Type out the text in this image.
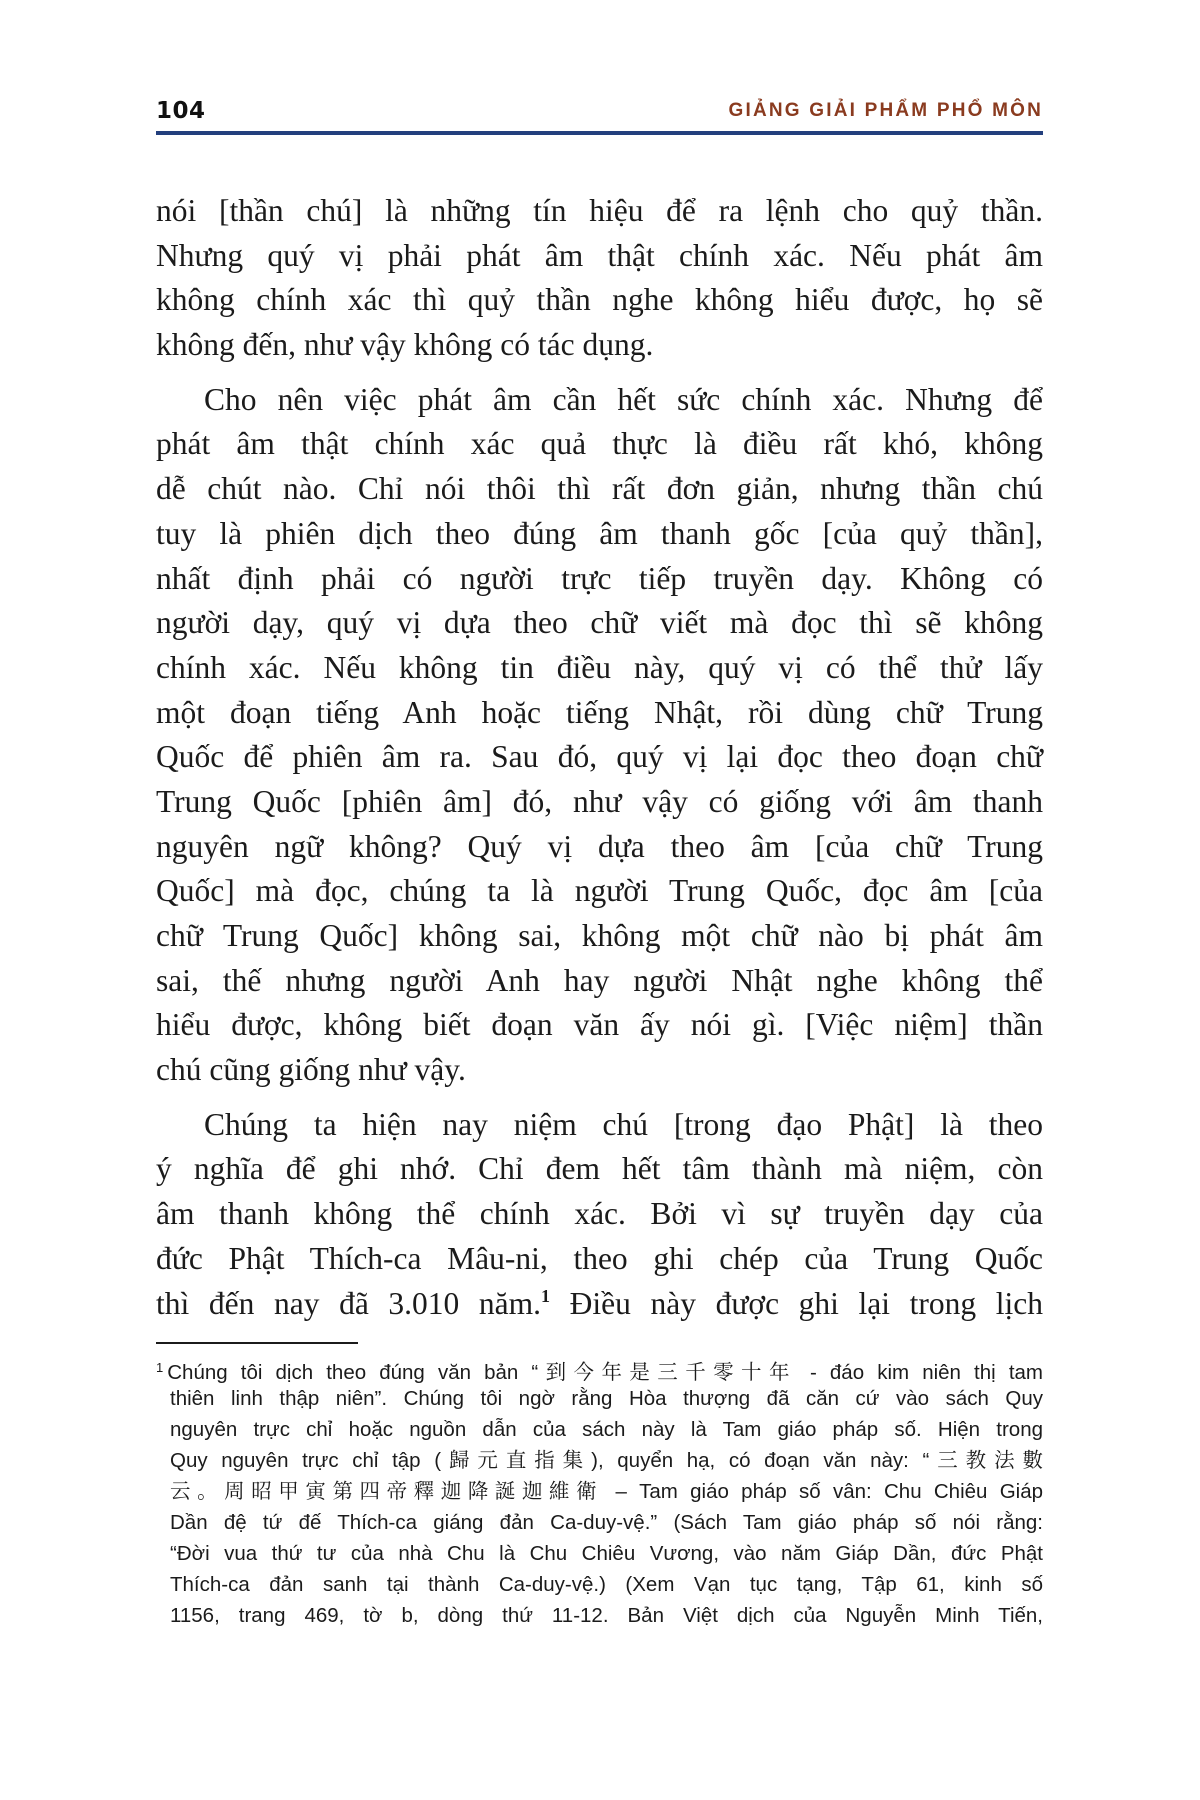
104	GIẢNG GIẢI PHẨM PHỔ MÔN
nói [thần chú] là những tín hiệu để ra lệnh cho quỷ thần.
Nhưng quý vị phải phát âm thật chính xác. Nếu phát âm
không chính xác thì quỷ thần nghe không hiểu được, họ sẽ
không đến, như vậy không có tác dụng.
Cho nên việc phát âm cần hết sức chính xác. Nhưng để
phát âm thật chính xác quả thực là điều rất khó, không
dễ chút nào. Chỉ nói thôi thì rất đơn giản, nhưng thần chú
tuy là phiên dịch theo đúng âm thanh gốc [của quỷ thần],
nhất định phải có người trực tiếp truyền dạy. Không có
người dạy, quý vị dựa theo chữ viết mà đọc thì sẽ không
chính xác. Nếu không tin điều này, quý vị có thể thử lấy
một đoạn tiếng Anh hoặc tiếng Nhật, rồi dùng chữ Trung
Quốc để phiên âm ra. Sau đó, quý vị lại đọc theo đoạn chữ
Trung Quốc [phiên âm] đó, như vậy có giống với âm thanh
nguyên ngữ không? Quý vị dựa theo âm [của chữ Trung
Quốc] mà đọc, chúng ta là người Trung Quốc, đọc âm [của
chữ Trung Quốc] không sai, không một chữ nào bị phát âm
sai, thế nhưng người Anh hay người Nhật nghe không thể
hiểu được, không biết đoạn văn ấy nói gì. [Việc niệm] thần
chú cũng giống như vậy.
Chúng ta hiện nay niệm chú [trong đạo Phật] là theo
ý nghĩa để ghi nhớ. Chỉ đem hết tâm thành mà niệm, còn
âm thanh không thể chính xác. Bởi vì sự truyền dạy của
đức Phật Thích-ca Mâu-ni, theo ghi chép của Trung Quốc
thì đến nay đã 3.010 năm.$^1$ Điều này được ghi lại trong lịch
$^1$ Chúng tôi dịch theo đúng văn bản “到今年是三千零十年 - đáo kim niên thị tam
thiên linh thập niên”. Chúng tôi ngờ rằng Hòa thượng đã căn cứ vào sách Quy
nguyên trực chỉ hoặc nguồn dẫn của sách này là Tam giáo pháp số. Hiện trong
Quy nguyên trực chỉ tập (歸元直指集), quyển hạ, có đoạn văn này: “三教法數
云。周昭甲寅第四帝釋迦降誕迦維衛 – Tam giáo pháp số vân: Chu Chiêu Giáp
Dần đệ tứ đế Thích-ca giáng đản Ca-duy-vệ.” (Sách Tam giáo pháp số nói rằng:
“Đời vua thứ tư của nhà Chu là Chu Chiêu Vương, vào năm Giáp Dần, đức Phật
Thích-ca đản sanh tại thành Ca-duy-vệ.) (Xem Vạn tục tạng, Tập 61, kinh số
1156, trang 469, tờ b, dòng thứ 11-12. Bản Việt dịch của Nguyễn Minh Tiến,
